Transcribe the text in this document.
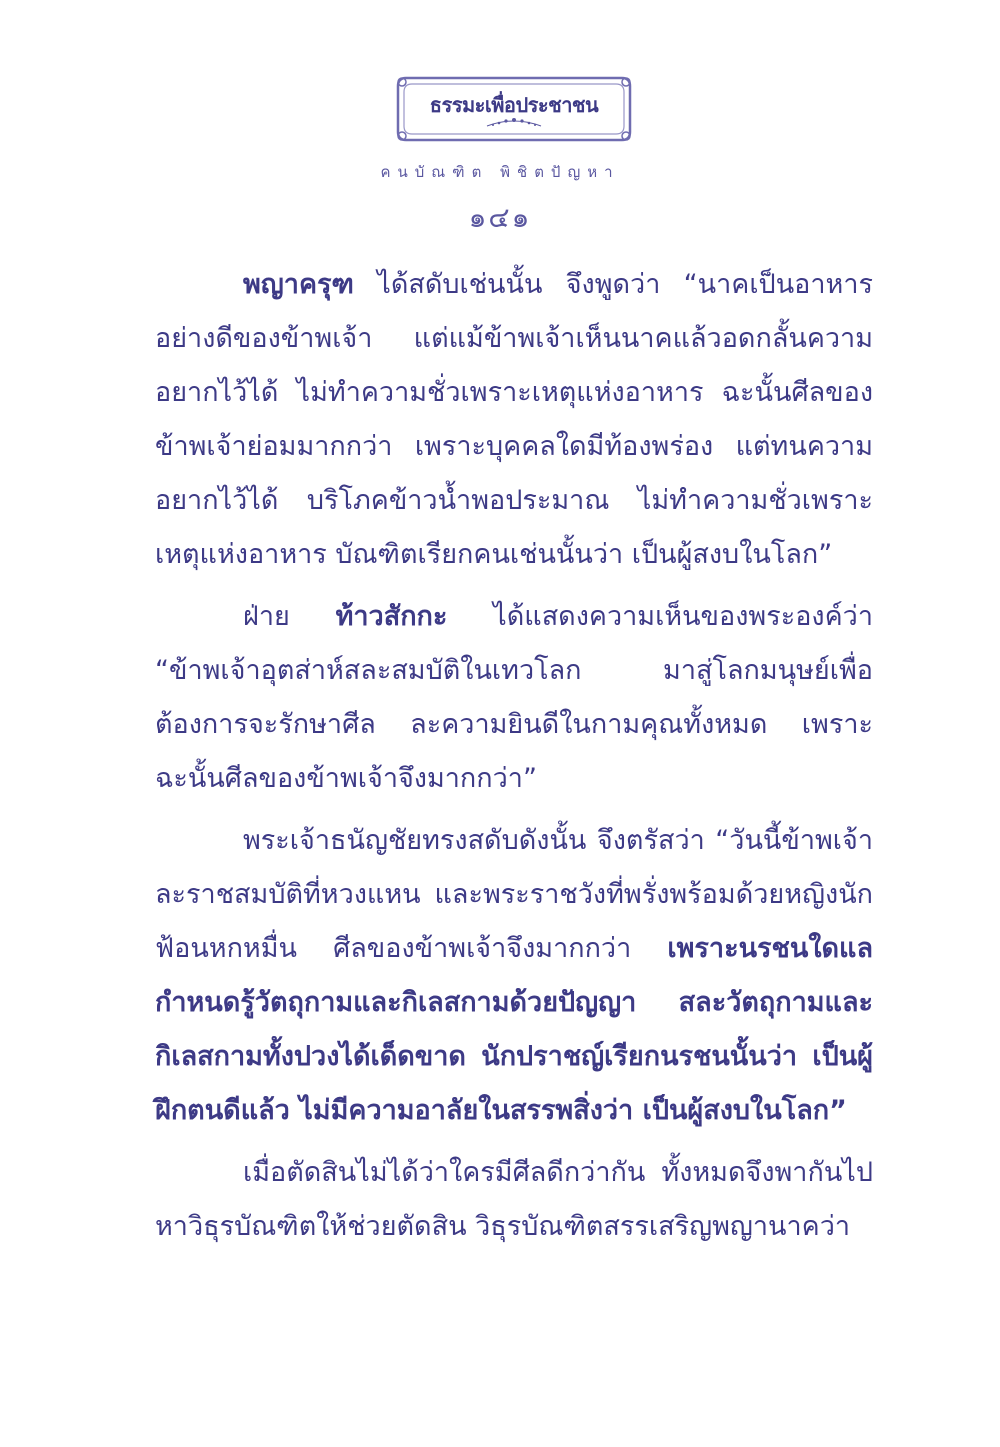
ธรรมะเพื่อประชาชน
คนบัณฑิต พิชิตปัญหา
๑๔๑

พญาครุฑ ได้สดับเช่นนั้น จึงพูดว่า “นาคเป็นอาหารอย่างดีของข้าพเจ้า แต่แม้ข้าพเจ้าเห็นนาคแล้วอดกลั้นความอยากไว้ได้ ไม่ทำความชั่วเพราะเหตุแห่งอาหาร ฉะนั้นศีลของข้าพเจ้าย่อมมากกว่า เพราะบุคคลใดมีท้องพร่อง แต่ทนความอยากไว้ได้ บริโภคข้าวน้ำพอประมาณ ไม่ทำความชั่วเพราะเหตุแห่งอาหาร บัณฑิตเรียกคนเช่นนั้นว่า เป็นผู้สงบในโลก”

ฝ่าย ท้าวสักกะ ได้แสดงความเห็นของพระองค์ว่า “ข้าพเจ้าอุตส่าห์สละสมบัติในเทวโลก มาสู่โลกมนุษย์เพื่อต้องการจะรักษาศีล ละความยินดีในกามคุณทั้งหมด เพราะฉะนั้นศีลของข้าพเจ้าจึงมากกว่า”

พระเจ้าธนัญชัยทรงสดับดังนั้น จึงตรัสว่า “วันนี้ข้าพเจ้าละราชสมบัติที่หวงแหน และพระราชวังที่พรั่งพร้อมด้วยหญิงนักฟ้อนหกหมื่น ศีลของข้าพเจ้าจึงมากกว่า เพราะนรชนใดแลกำหนดรู้วัตถุกามและกิเลสกามด้วยปัญญา สละวัตถุกามและกิเลสกามทั้งปวงได้เด็ดขาด นักปราชญ์เรียกนรชนนั้นว่า เป็นผู้ฝึกตนดีแล้ว ไม่มีความอาลัยในสรรพสิ่งว่า เป็นผู้สงบในโลก”

เมื่อตัดสินไม่ได้ว่าใครมีศีลดีกว่ากัน ทั้งหมดจึงพากันไปหาวิธุรบัณฑิตให้ช่วยตัดสิน วิธุรบัณฑิตสรรเสริญพญานาคว่า
